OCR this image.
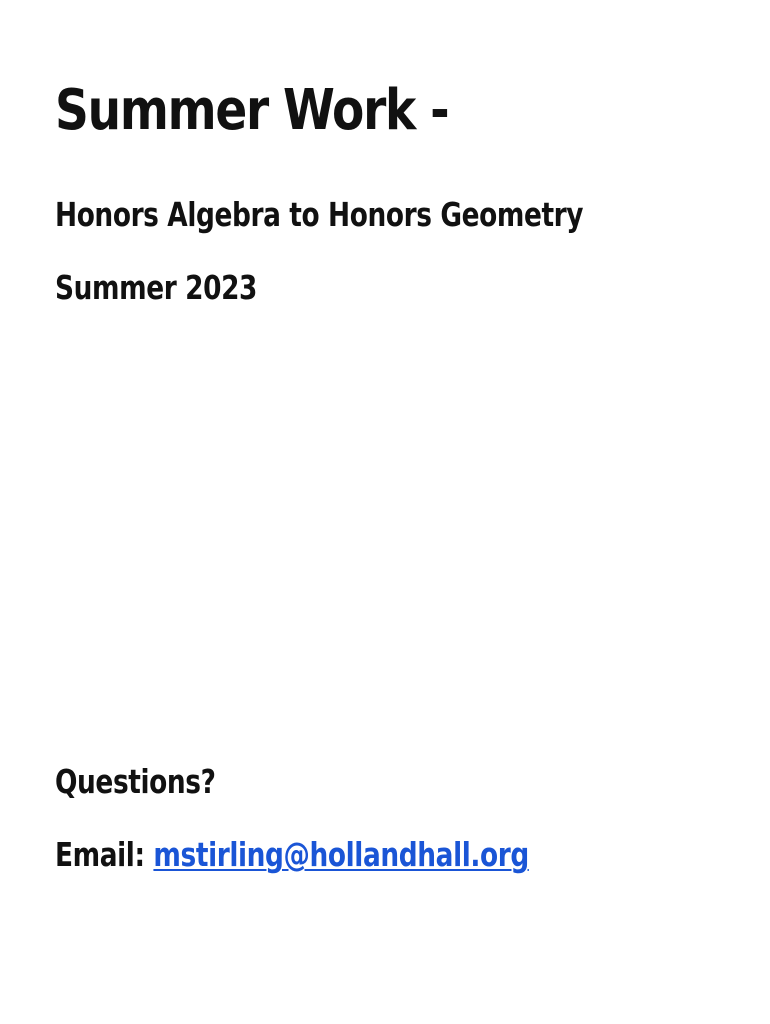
Summer Work -

Honors Algebra to Honors Geometry

Summer 2023

Questions?

Email: mstirling@hollandhall.org
